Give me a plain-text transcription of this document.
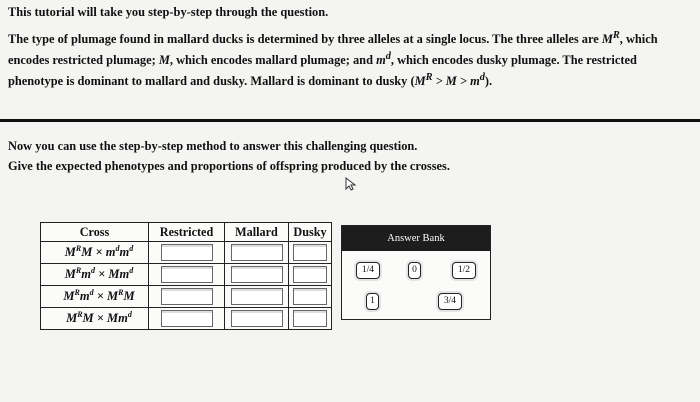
This tutorial will take you step-by-step through the question.

The type of plumage found in mallard ducks is determined by three alleles at a single locus. The three alleles are $M^R$, which encodes restricted plumage; M, which encodes mallard plumage; and $m^d$, which encodes dusky plumage. The restricted phenotype is dominant to mallard and dusky. Mallard is dominant to dusky $(M^R > M > m^d)$.

Now you can use the step-by-step method to answer this challenging question.

Give the expected phenotypes and proportions of offspring produced by the crosses.

Cross	Restricted	Mallard	Dusky
$M^RM \times m^dm^d$	

$M^Rm^d \times Mm^d$	

$M^Rm^d \times M^RM$	

$M^RM \times Mm^d$	

Answer Bank
1/4	0	1/2
1	3/4
